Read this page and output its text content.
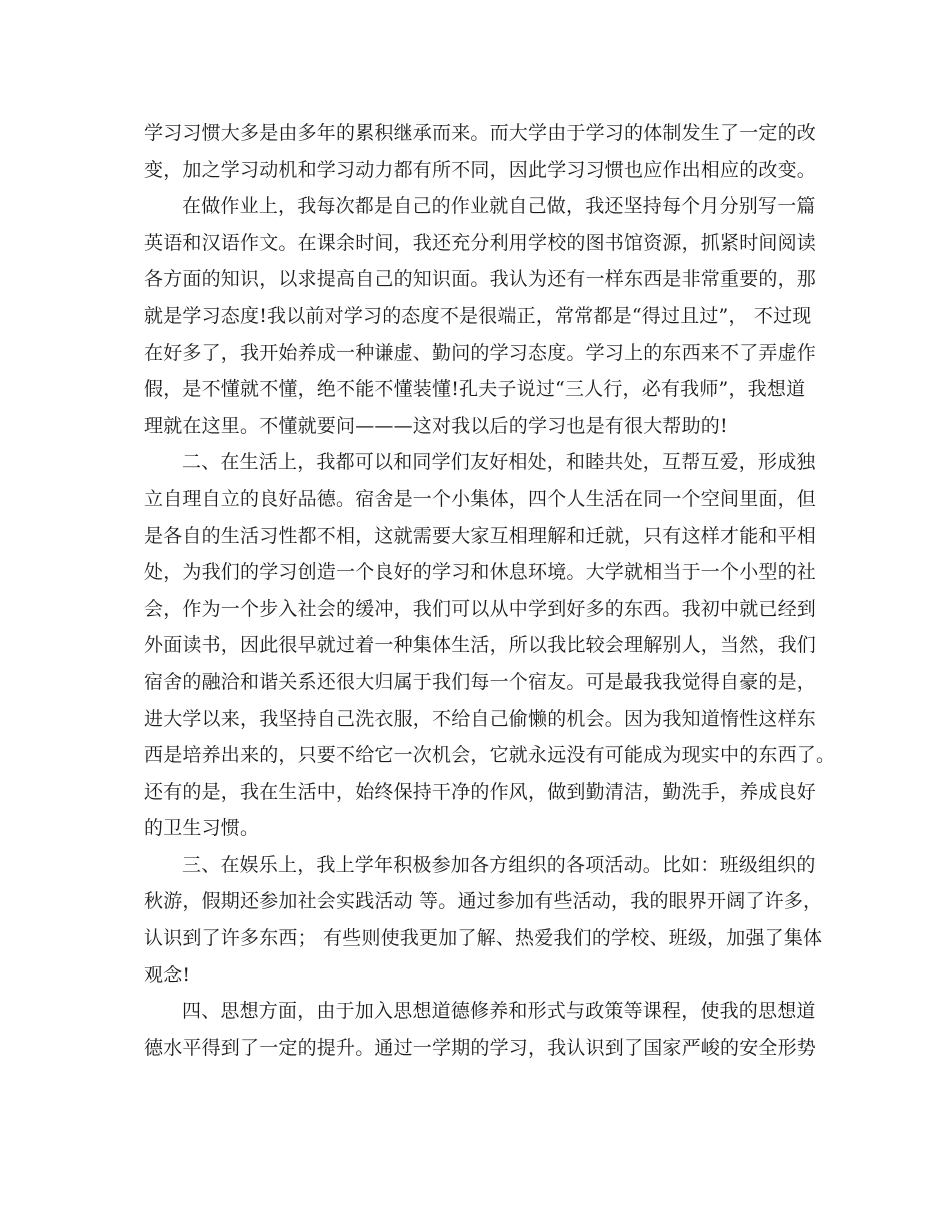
学习习惯大多是由多年的累积继承而来。而大学由于学习的体制发生了一定的改
变，加之学习动机和学习动力都有所不同，因此学习习惯也应作出相应的改变。
在做作业上，我每次都是自己的作业就自己做，我还坚持每个月分别写一篇
英语和汉语作文。在课余时间，我还充分利用学校的图书馆资源，抓紧时间阅读
各方面的知识，以求提高自己的知识面。我认为还有一样东西是非常重要的，那
就是学习态度!我以前对学习的态度不是很端正，常常都是“得过且过”， 不过现
在好多了，我开始养成一种谦虚、勤问的学习态度。学习上的东西来不了弄虚作
假，是不懂就不懂，绝不能不懂装懂!孔夫子说过“三人行，必有我师”，我想道
理就在这里。不懂就要问———这对我以后的学习也是有很大帮助的!
二、在生活上，我都可以和同学们友好相处，和睦共处，互帮互爱，形成独
立自理自立的良好品德。宿舍是一个小集体，四个人生活在同一个空间里面，但
是各自的生活习性都不相，这就需要大家互相理解和迁就，只有这样才能和平相
处，为我们的学习创造一个良好的学习和休息环境。大学就相当于一个小型的社
会，作为一个步入社会的缓冲，我们可以从中学到好多的东西。我初中就已经到
外面读书，因此很早就过着一种集体生活，所以我比较会理解别人，当然，我们
宿舍的融洽和谐关系还很大归属于我们每一个宿友。可是最我我觉得自豪的是，
进大学以来，我坚持自己洗衣服，不给自己偷懒的机会。因为我知道惰性这样东
西是培养出来的，只要不给它一次机会，它就永远没有可能成为现实中的东西了。
还有的是，我在生活中，始终保持干净的作风，做到勤清洁，勤洗手，养成良好
的卫生习惯。
三、在娱乐上，我上学年积极参加各方组织的各项活动。比如：班级组织的
秋游，假期还参加社会实践活动 等。通过参加有些活动，我的眼界开阔了许多，
认识到了许多东西； 有些则使我更加了解、热爱我们的学校、班级，加强了集体
观念!
四、思想方面，由于加入思想道德修养和形式与政策等课程，使我的思想道
德水平得到了一定的提升。通过一学期的学习，我认识到了国家严峻的安全形势
